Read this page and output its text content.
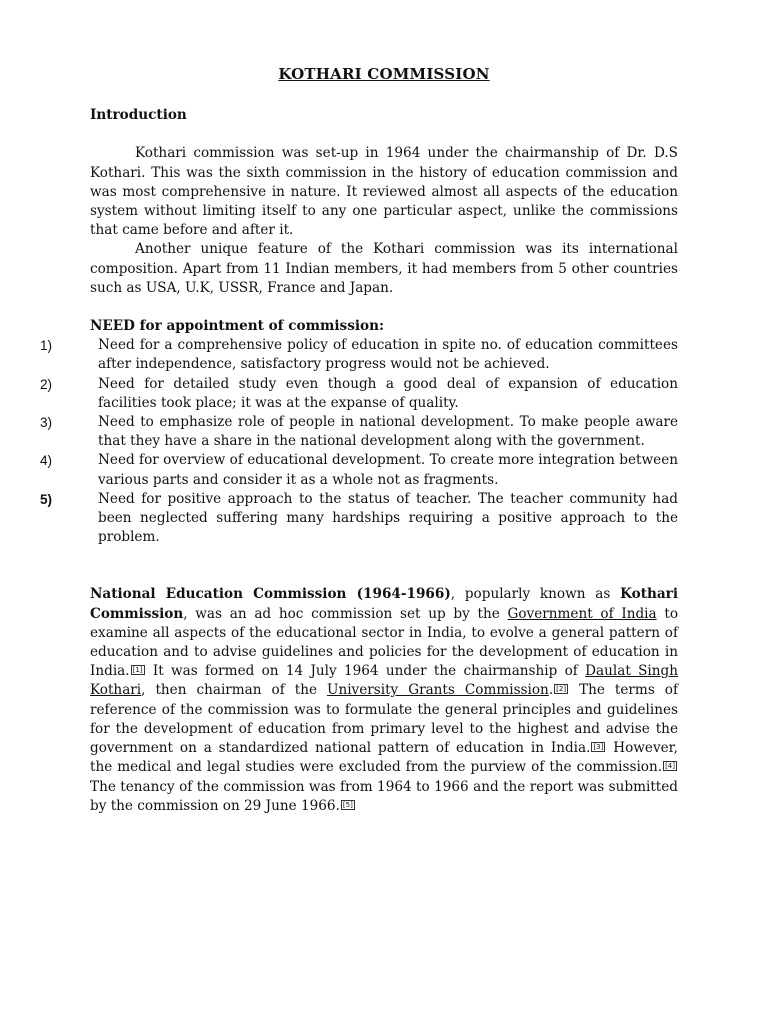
KOTHARI COMMISSION
Introduction

Kothari commission was set-up in 1964 under the chairmanship of Dr. D.S Kothari. This was the sixth commission in the history of education commission and was most comprehensive in nature. It reviewed almost all aspects of the education system without limiting itself to any one particular aspect, unlike the commissions that came before and after it.

Another unique feature of the Kothari commission was its international composition. Apart from 11 Indian members, it had members from 5 other countries such as USA, U.K, USSR, France and Japan.

NEED for appointment of commission:
1)	Need for a comprehensive policy of education in spite no. of education committees after independence, satisfactory progress would not be achieved.
2)	Need for detailed study even though a good deal of expansion of education facilities took place; it was at the expanse of quality.
3)	Need to emphasize role of people in national development. To make people aware that they have a share in the national development along with the government.
4)	Need for overview of educational development. To create more integration between various parts and consider it as a whole not as fragments.
5)	Need for positive approach to the status of teacher. The teacher community had been neglected suffering many hardships requiring a positive approach to the problem.

National Education Commission (1964-1966), popularly known as Kothari Commission, was an ad hoc commission set up by the Government of India to examine all aspects of the educational sector in India, to evolve a general pattern of education and to advise guidelines and policies for the development of education in India. [1] It was formed on 14 July 1964 under the chairmanship of Daulat Singh Kothari, then chairman of the University Grants Commission. [2] The terms of reference of the commission was to formulate the general principles and guidelines for the development of education from primary level to the highest and advise the government on a standardized national pattern of education in India. [3] However, the medical and legal studies were excluded from the purview of the commission. [4] The tenancy of the commission was from 1964 to 1966 and the report was submitted by the commission on 29 June 1966. [5]
